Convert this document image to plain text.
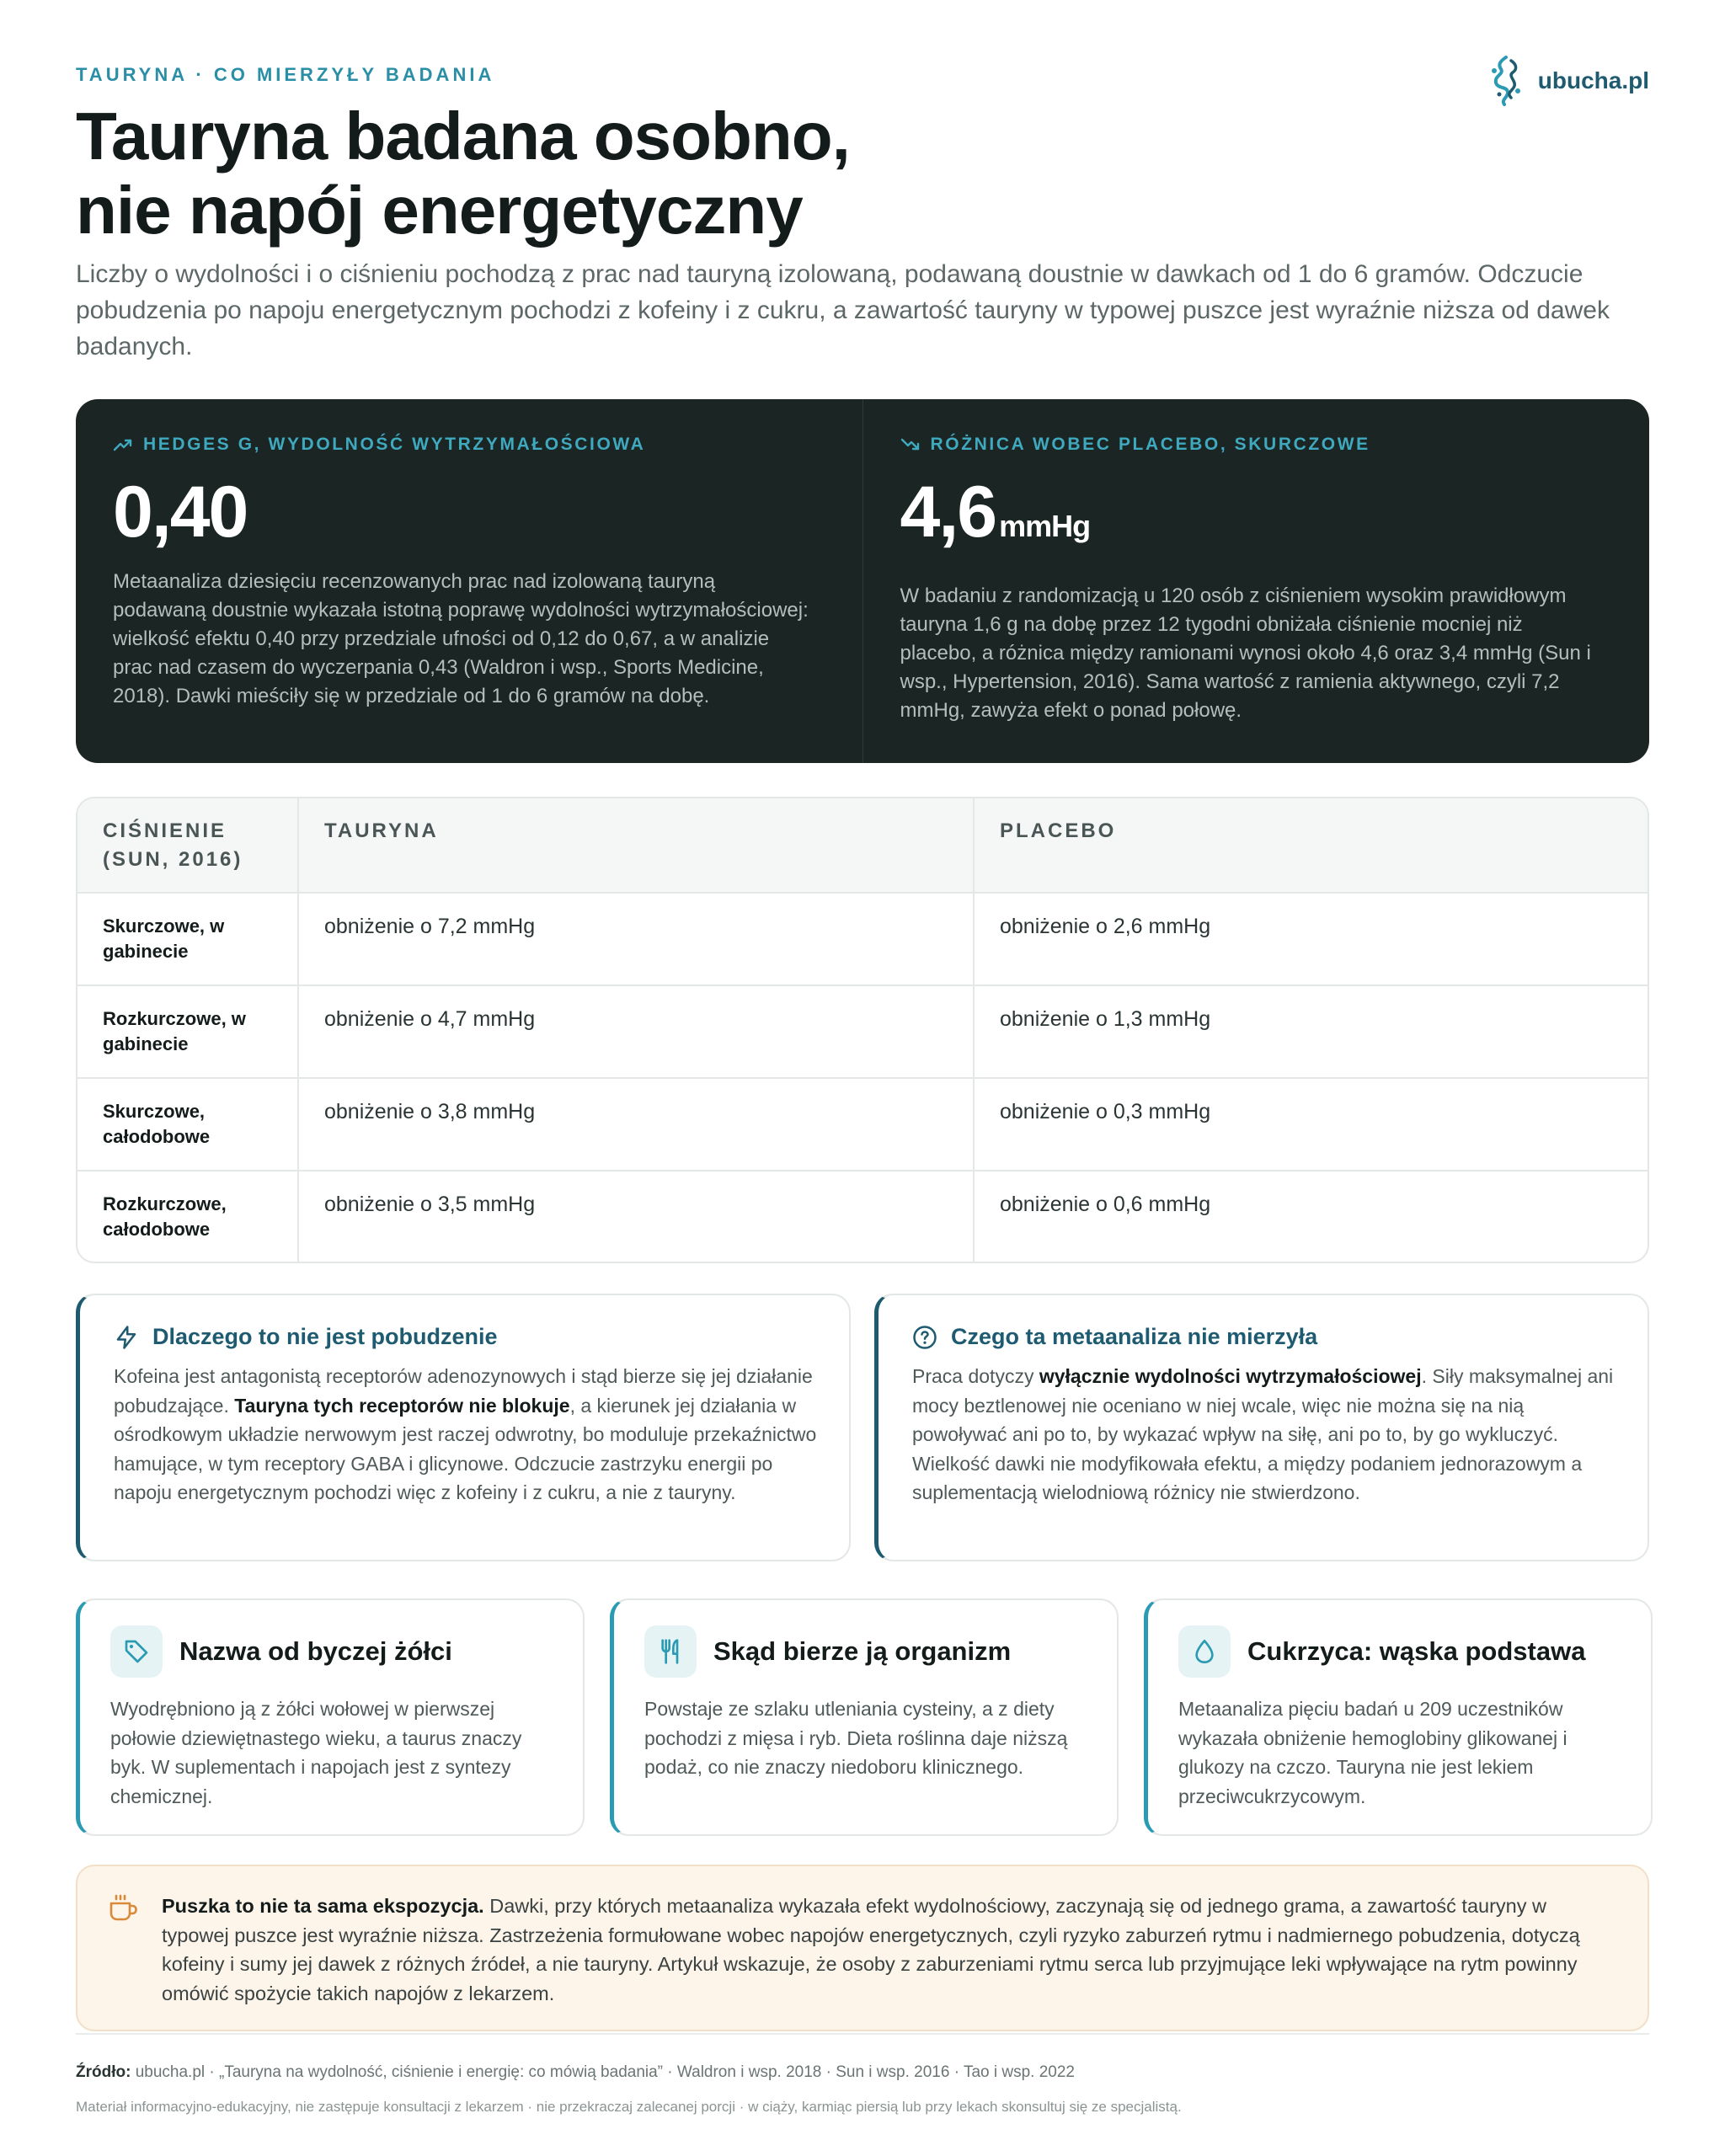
TAURYNA · CO MIERZYŁY BADANIA	ubucha.pl
Tauryna badana osobno,
nie napój energetyczny

Liczby o wydolności i o ciśnieniu pochodzą z prac nad tauryną izolowaną, podawaną doustnie w dawkach od 1 do 6 gramów. Odczucie pobudzenia po napoju energetycznym pochodzi z kofeiny i z cukru, a zawartość tauryny w typowej puszce jest wyraźnie niższa od dawek badanych.

HEDGES G, WYDOLNOŚĆ WYTRZYMAŁOŚCIOWA
0,40

Metaanaliza dziesięciu recenzowanych prac nad izolowaną tauryną podawaną doustnie wykazała istotną poprawę wydolności wytrzymałościowej: wielkość efektu 0,40 przy przedziale ufności od 0,12 do 0,67, a w analizie prac nad czasem do wyczerpania 0,43 (Waldron i wsp., Sports Medicine, 2018). Dawki mieściły się w przedziale od 1 do 6 gramów na dobę.

RÓŻNICA WOBEC PLACEBO, SKURCZOWE
4,6 mmHg

W badaniu z randomizacją u 120 osób z ciśnieniem wysokim prawidłowym tauryna 1,6 g na dobę przez 12 tygodni obniżała ciśnienie mocniej niż placebo, a różnica między ramionami wynosi około 4,6 oraz 3,4 mmHg (Sun i wsp., Hypertension, 2016). Sama wartość z ramienia aktywnego, czyli 7,2 mmHg, zawyża efekt o ponad połowę.

CIŚNIENIE (SUN, 2016)	TAURYNA	PLACEBO
Skurczowe, w gabinecie	obniżenie o 7,2 mmHg	obniżenie o 2,6 mmHg
Rozkurczowe, w gabinecie	obniżenie o 4,7 mmHg	obniżenie o 1,3 mmHg
Skurczowe, całodobowe	obniżenie o 3,8 mmHg	obniżenie o 0,3 mmHg
Rozkurczowe, całodobowe	obniżenie o 3,5 mmHg	obniżenie o 0,6 mmHg
Dlaczego to nie jest pobudzenie

Kofeina jest antagonistą receptorów adenozynowych i stąd bierze się jej działanie pobudzające. Tauryna tych receptorów nie blokuje, a kierunek jej działania w ośrodkowym układzie nerwowym jest raczej odwrotny, bo moduluje przekaźnictwo hamujące, w tym receptory GABA i glicynowe. Odczucie zastrzyku energii po napoju energetycznym pochodzi więc z kofeiny i z cukru, a nie z tauryny.

Czego ta metaanaliza nie mierzyła

Praca dotyczy wyłącznie wydolności wytrzymałościowej. Siły maksymalnej ani mocy beztlenowej nie oceniano w niej wcale, więc nie można się na nią powoływać ani po to, by wykazać wpływ na siłę, ani po to, by go wykluczyć. Wielkość dawki nie modyfikowała efektu, a między podaniem jednorazowym a suplementacją wielodniową różnicy nie stwierdzono.

Nazwa od byczej żółci

Wyodrębniono ją z żółci wołowej w pierwszej połowie dziewiętnastego wieku, a taurus znaczy byk. W suplementach i napojach jest z syntezy chemicznej.

Skąd bierze ją organizm

Powstaje ze szlaku utleniania cysteiny, a z diety pochodzi z mięsa i ryb. Dieta roślinna daje niższą podaż, co nie znaczy niedoboru klinicznego.

Cukrzyca: wąska podstawa

Metaanaliza pięciu badań u 209 uczestników wykazała obniżenie hemoglobiny glikowanej i glukozy na czczo. Tauryna nie jest lekiem przeciwcukrzycowym.

Puszka to nie ta sama ekspozycja. Dawki, przy których metaanaliza wykazała efekt wydolnościowy, zaczynają się od jednego grama, a zawartość tauryny w typowej puszce jest wyraźnie niższa. Zastrzeżenia formułowane wobec napojów energetycznych, czyli ryzyko zaburzeń rytmu i nadmiernego pobudzenia, dotyczą kofeiny i sumy jej dawek z różnych źródeł, a nie tauryny. Artykuł wskazuje, że osoby z zaburzeniami rytmu serca lub przyjmujące leki wpływające na rytm powinny omówić spożycie takich napojów z lekarzem.

Źródło: ubucha.pl · „Tauryna na wydolność, ciśnienie i energię: co mówią badania” · Waldron i wsp. 2018 · Sun i wsp. 2016 · Tao i wsp. 2022

Materiał informacyjno-edukacyjny, nie zastępuje konsultacji z lekarzem · nie przekraczaj zalecanej porcji · w ciąży, karmiąc piersią lub przy lekach skonsultuj się ze specjalistą.
